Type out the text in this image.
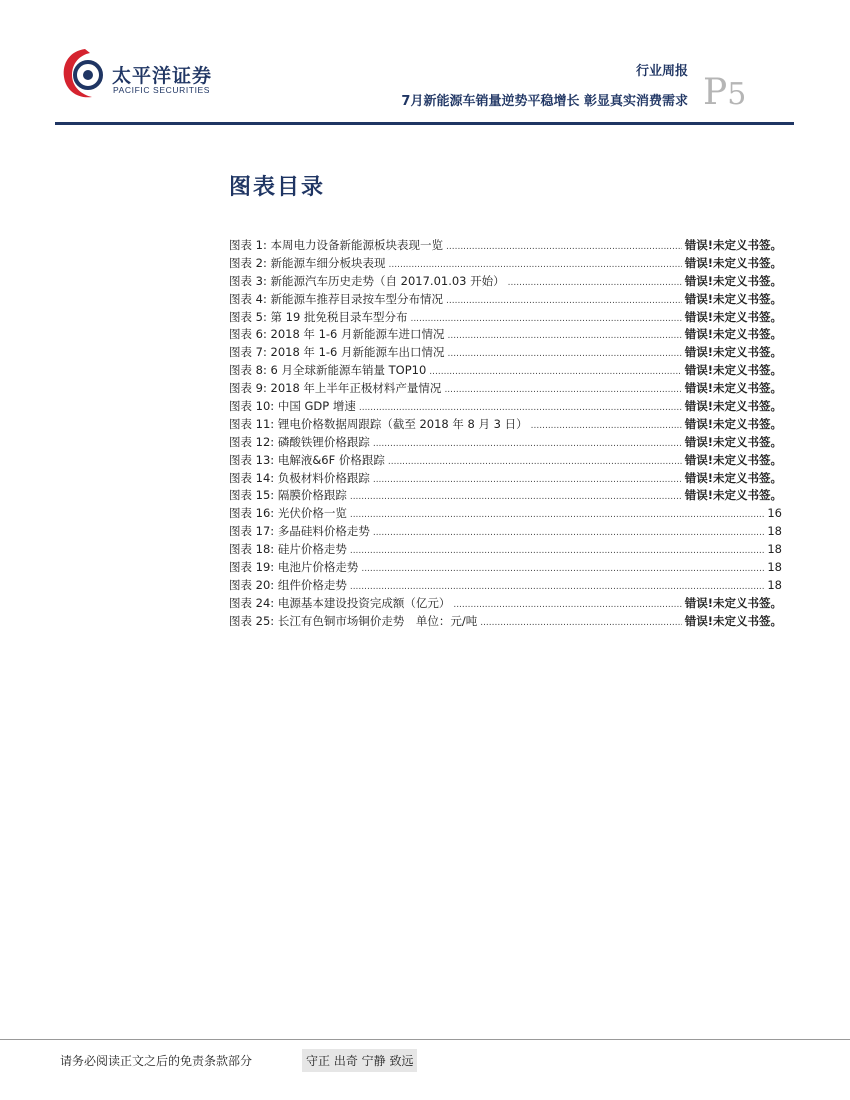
太平洋证券
PACIFIC SECURITIES
行业周报
7月新能源车销量逆势平稳增长 彰显真实消费需求 P5
图表目录
图表 1: 本周电力设备新能源板块表现一览 .....	错误!未定义书签。
图表 2: 新能源车细分板块表现 .....	错误!未定义书签。
图表 3: 新能源汽车历史走势（自 2017.01.03 开始） .....	错误!未定义书签。
图表 4: 新能源车推荐目录按车型分布情况 .....	错误!未定义书签。
图表 5: 第 19 批免税目录车型分布 .....	错误!未定义书签。
图表 6: 2018 年 1-6 月新能源车进口情况 .....	错误!未定义书签。
图表 7: 2018 年 1-6 月新能源车出口情况 .....	错误!未定义书签。
图表 8: 6 月全球新能源车销量 TOP10 .....	错误!未定义书签。
图表 9: 2018 年上半年正极材料产量情况 .....	错误!未定义书签。
图表 10: 中国 GDP 增速 .....	错误!未定义书签。
图表 11: 锂电价格数据周跟踪（截至 2018 年 8 月 3 日） .....	错误!未定义书签。
图表 12: 磷酸铁锂价格跟踪 .....	错误!未定义书签。
图表 13: 电解液&6F 价格跟踪 .....	错误!未定义书签。
图表 14: 负极材料价格跟踪 .....	错误!未定义书签。
图表 15: 隔膜价格跟踪 .....	错误!未定义书签。
图表 16: 光伏价格一览 .....	16
图表 17: 多晶硅料价格走势 .....	18
图表 18: 硅片价格走势 .....	18
图表 19: 电池片价格走势 .....	18
图表 20: 组件价格走势 .....	18
图表 24: 电源基本建设投资完成额（亿元） .....	错误!未定义书签。
图表 25: 长江有色铜市场铜价走势　单位：元/吨 .....	错误!未定义书签。
请务必阅读正文之后的免责条款部分	守正 出奇 宁静 致远
